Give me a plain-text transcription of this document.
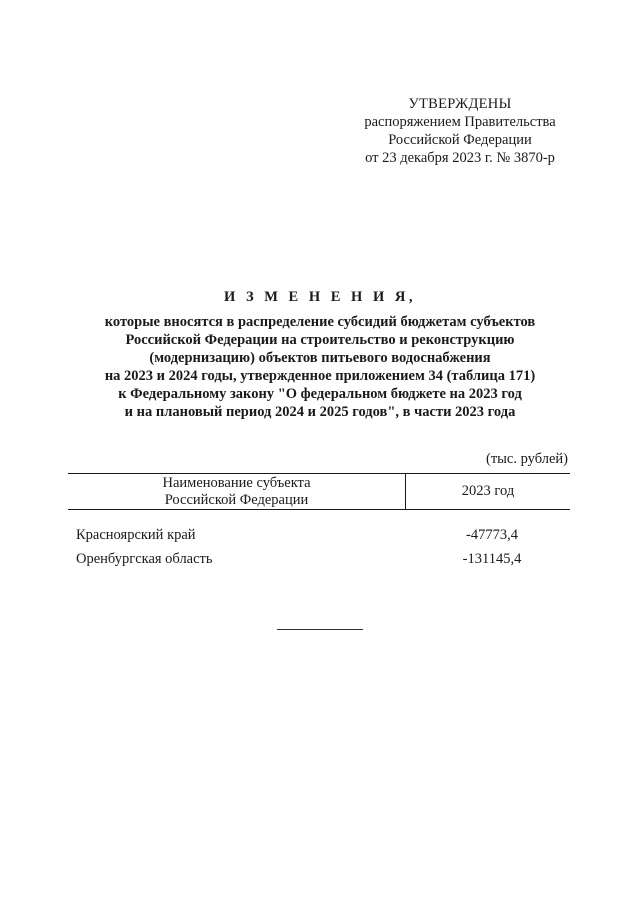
УТВЕРЖДЕНЫ
распоряжением Правительства
Российской Федерации
от 23 декабря 2023 г. № 3870-р
И З М Е Н Е Н И Я,
которые вносятся в распределение субсидий бюджетам субъектов
Российской Федерации на строительство и реконструкцию
(модернизацию) объектов питьевого водоснабжения
на 2023 и 2024 годы, утвержденное приложением 34 (таблица 171)
к Федеральному закону "О федеральном бюджете на 2023 год
и на плановый период 2024 и 2025 годов", в части 2023 года
(тыс. рублей)
Наименование субъекта
Российской Федерации
2023 год
Красноярский край	-47773,4
Оренбургская область	-131145,4
